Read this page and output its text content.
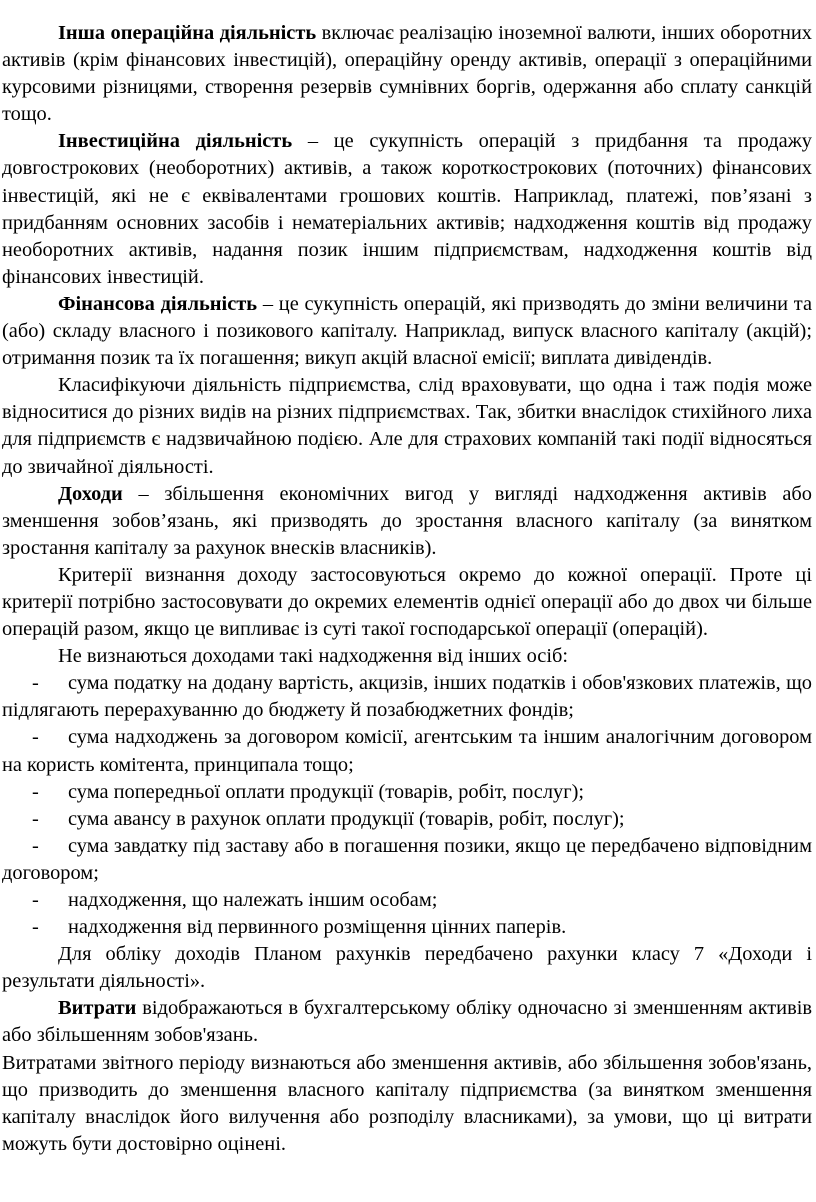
Інша операційна діяльність включає реалізацію іноземної валюти, інших оборотних активів (крім фінансових інвестицій), операційну оренду активів, операції з операційними курсовими різницями, створення резервів сумнівних боргів, одержання або сплату санкцій тощо.

Інвестиційна діяльність – це сукупність операцій з придбання та продажу довгострокових (необоротних) активів, а також короткострокових (поточних) фінансових інвестицій, які не є еквівалентами грошових коштів. Наприклад, платежі, пов’язані з придбанням основних засобів і нематеріальних активів; надходження коштів від продажу необоротних активів, надання позик іншим підприємствам, надходження коштів від фінансових інвестицій.

Фінансова діяльність – це сукупність операцій, які призводять до зміни величини та (або) складу власного і позикового капіталу. Наприклад, випуск власного капіталу (акцій); отримання позик та їх погашення; викуп акцій власної емісії; виплата дивідендів.

Класифікуючи діяльність підприємства, слід враховувати, що одна і таж подія може відноситися до різних видів на різних підприємствах. Так, збитки внаслідок стихійного лиха для підприємств є надзвичайною подією. Але для страхових компаній такі події відносяться до звичайної діяльності.

Доходи – збільшення економічних вигод у вигляді надходження активів або зменшення зобов’язань, які призводять до зростання власного капіталу (за винятком зростання капіталу за рахунок внесків власників).

Критерії визнання доходу застосовуються окремо до кожної операції. Проте ці критерії потрібно застосовувати до окремих елементів однієї операції або до двох чи більше операцій разом, якщо це випливає із суті такої господарської операції (операцій).

Не визнаються доходами такі надходження від інших осіб:

- сума податку на додану вартість, акцизів, інших податків і обов'язкових платежів, що підлягають перерахуванню до бюджету й позабюджетних фондів;

- сума надходжень за договором комісії, агентським та іншим аналогічним договором на користь комітента, принципала тощо;

- сума попередньої оплати продукції (товарів, робіт, послуг);

- сума авансу в рахунок оплати продукції (товарів, робіт, послуг);

- сума завдатку під заставу або в погашення позики, якщо це передбачено відповідним договором;

- надходження, що належать іншим особам;

- надходження від первинного розміщення цінних паперів.

Для обліку доходів Планом рахунків передбачено рахунки класу 7 «Доходи і результати діяльності».

Витрати відображаються в бухгалтерському обліку одночасно зі зменшенням активів або збільшенням зобов'язань.

Витратами звітного періоду визнаються або зменшення активів, або збільшення зобов'язань, що призводить до зменшення власного капіталу підприємства (за винятком зменшення капіталу внаслідок його вилучення або розподілу власниками), за умови, що ці витрати можуть бути достовірно оцінені.
